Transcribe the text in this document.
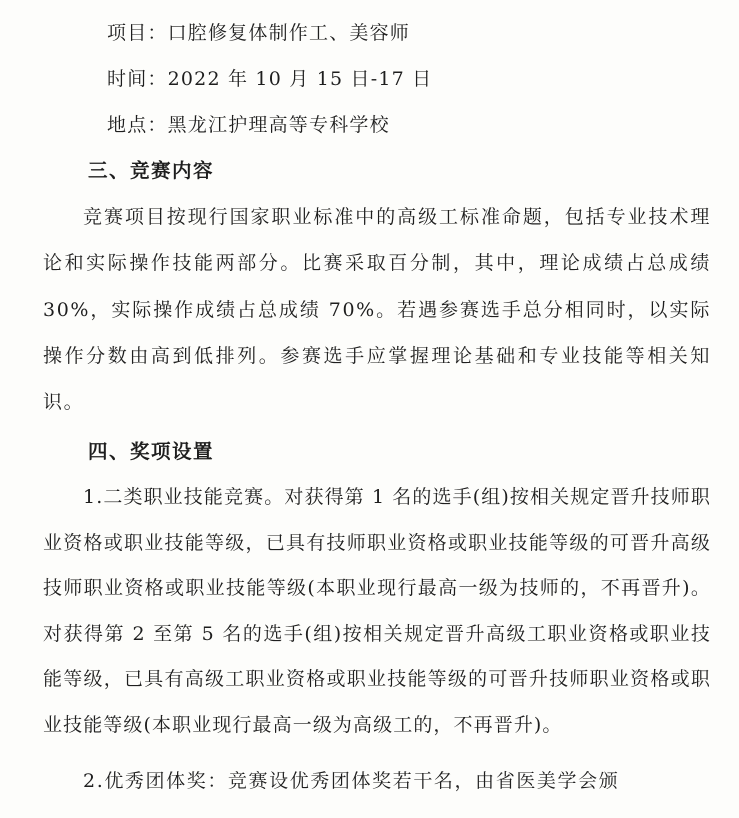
项目：口腔修复体制作工、美容师
时间：2022 年 10 月 15 日-17 日
地点：黑龙江护理高等专科学校
三、竞赛内容

竞赛项目按现行国家职业标准中的高级工标准命题，包括专业技术理论和实际操作技能两部分。比赛采取百分制，其中，理论成绩占总成绩 30%，实际操作成绩占总成绩 70%。若遇参赛选手总分相同时，以实际操作分数由高到低排列。参赛选手应掌握理论基础和专业技能等相关知识。

四、奖项设置

1.二类职业技能竞赛。对获得第 1 名的选手(组)按相关规定晋升技师职业资格或职业技能等级，已具有技师职业资格或职业技能等级的可晋升高级技师职业资格或职业技能等级(本职业现行最高一级为技师的，不再晋升)。对获得第 2 至第 5 名的选手(组)按相关规定晋升高级工职业资格或职业技能等级，已具有高级工职业资格或职业技能等级的可晋升技师职业资格或职业技能等级(本职业现行最高一级为高级工的，不再晋升)。

2.优秀团体奖：竞赛设优秀团体奖若干名，由省医美学会颁
